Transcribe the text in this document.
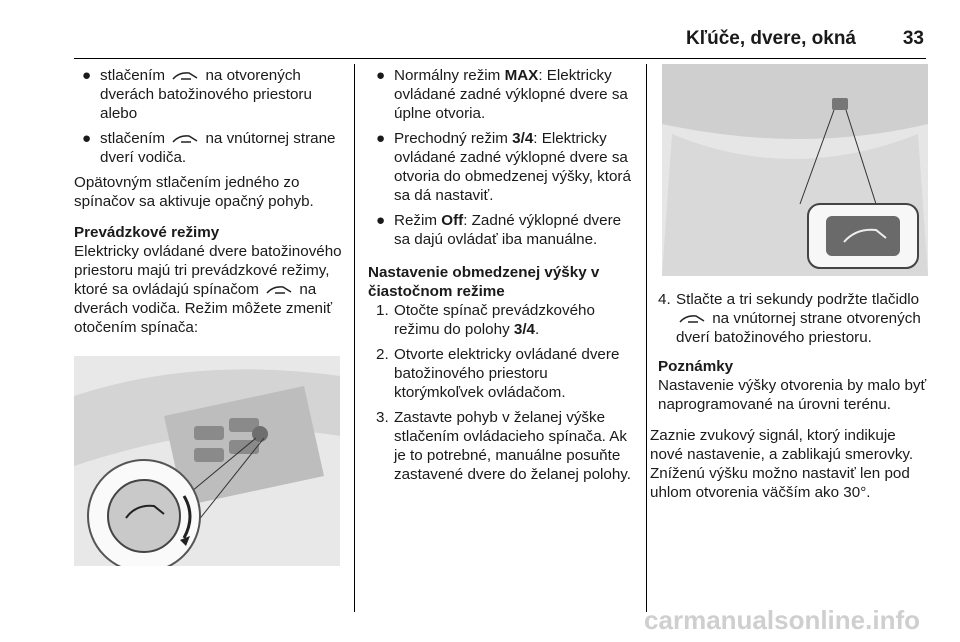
Kľúče, dvere, okná 33
● stlačením	na otvorených dverách batožinového priestoru alebo
● stlačením	na vnútornej strane dverí vodiča.

Opätovným stlačením jedného zo spínačov sa aktivuje opačný pohyb.

Prevádzkové režimy

Elektricky ovládané dvere batožinového priestoru majú tri prevádzkové režimy, ktoré sa ovládajú spínačom	na dverách vodiča. Režim môžete zmeniť otočením spínača:

● Normálny režim MAX: Elektricky ovládané zadné výklopné dvere sa úplne otvoria.
● Prechodný režim 3/4: Elektricky ovládané zadné výklopné dvere sa otvoria do obmedzenej výšky, ktorá sa dá nastaviť.
● Režim Off: Zadné výklopné dvere sa dajú ovládať iba manuálne.

Nastavenie obmedzenej výšky v čiastočnom režime

1. Otočte spínač prevádzkového režimu do polohy 3/4.
2. Otvorte elektricky ovládané dvere batožinového priestoru ktorýmkoľvek ovládačom.
3. Zastavte pohyb v želanej výške stlačením ovládacieho spínača. Ak je to potrebné, manuálne posuňte zastavené dvere do želanej polohy.
4. Stlačte a tri sekundy podržte tlačidlo  na vnútornej strane otvorených dverí batožinového priestoru.

Poznámky

Nastavenie výšky otvorenia by malo byť naprogramované na úrovni terénu.

Zaznie zvukový signál, ktorý indikuje nové nastavenie, a zablikajú smerovky. Zníženú výšku možno nastaviť len pod uhlom otvorenia väčším ako 30°.

carmanualsonline.info
